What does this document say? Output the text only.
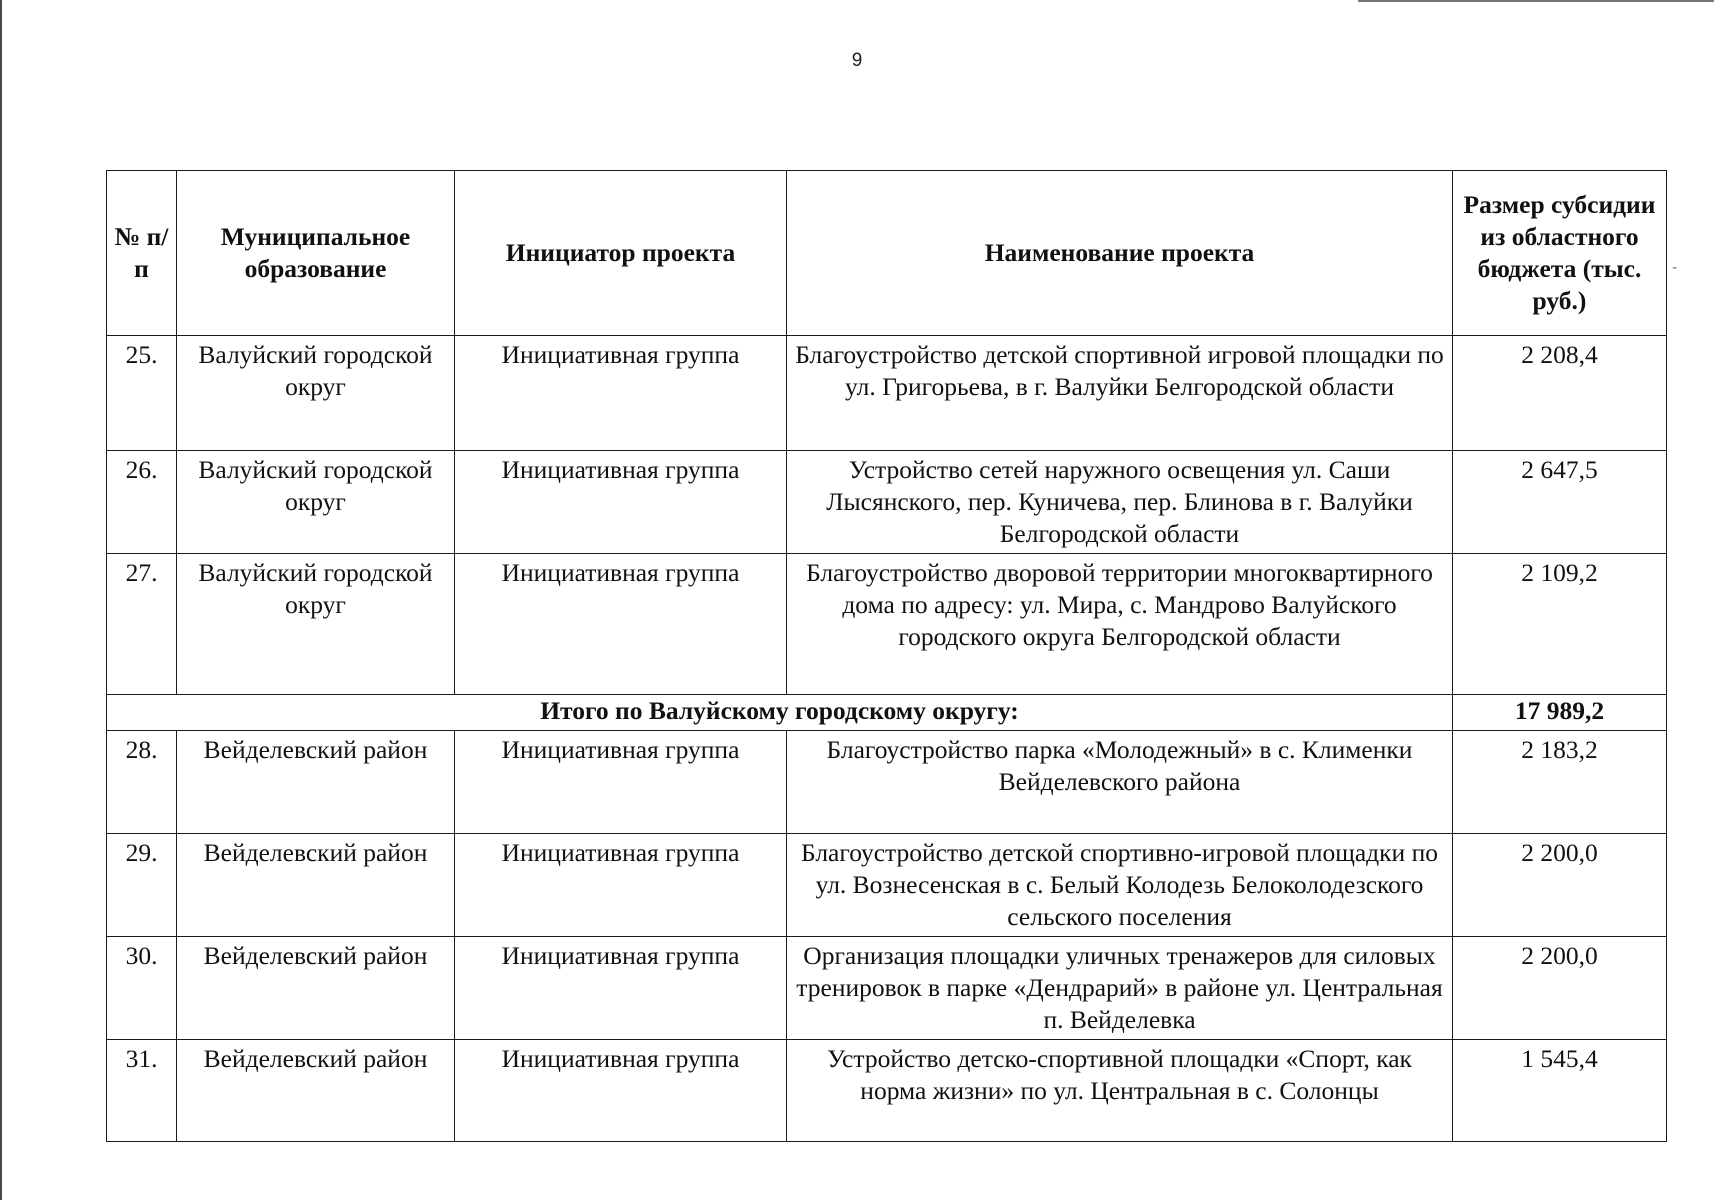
-
9
№ п/п	Муниципальное образование	Инициатор проекта	Наименование проекта	Размер субсидии из областного бюджета (тыс. руб.)
25.	Валуйский городской округ	Инициативная группа	Благоустройство детской спортивной игровой площадки по ул. Григорьева, в г. Валуйки Белгородской области	2 208,4
26.	Валуйский городской округ	Инициативная группа	Устройство сетей наружного освещения ул. Саши Лысянского, пер. Куничева, пер. Блинова в г. Валуйки Белгородской области	2 647,5
27.	Валуйский городской округ	Инициативная группа	Благоустройство дворовой территории многоквартирного дома по адресу: ул. Мира, с. Мандрово Валуйского городского округа Белгородской области	2 109,2
Итого по Валуйскому городскому округу:				17 989,2
28.	Вейделевский район	Инициативная группа	Благоустройство парка «Молодежный» в с. Клименки Вейделевского района	2 183,2
29.	Вейделевский район	Инициативная группа	Благоустройство детской спортивно-игровой площадки по ул. Вознесенская в с. Белый Колодезь Белоколодезского сельского поселения	2 200,0
30.	Вейделевский район	Инициативная группа	Организация площадки уличных тренажеров для силовых тренировок в парке «Дендрарий» в районе ул. Центральная п. Вейделевка	2 200,0
31.	Вейделевский район	Инициативная группа	Устройство детско-спортивной площадки «Спорт, как норма жизни» по ул. Центральная в с. Солонцы	1 545,4
